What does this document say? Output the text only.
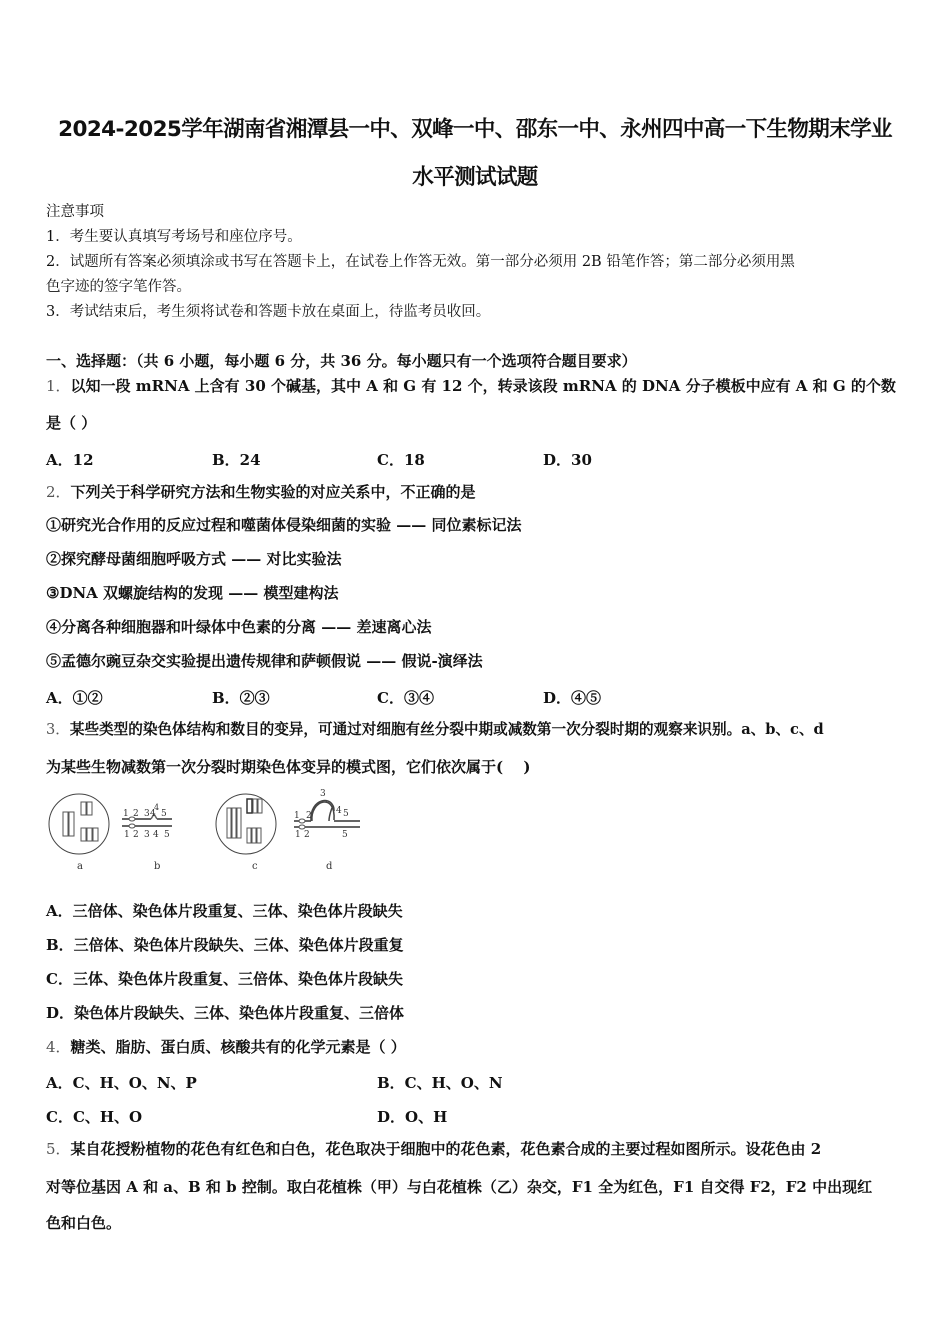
2024-2025学年湖南省湘潭县一中、双峰一中、邵东一中、永州四中高一下生物期末学业
水平测试试题
注意事项
1．考生要认真填写考场号和座位序号。
2．试题所有答案必须填涂或书写在答题卡上，在试卷上作答无效。第一部分必须用 2B 铅笔作答；第二部分必须用黑
色字迹的签字笔作答。
3．考试结束后，考生须将试卷和答题卡放在桌面上，待监考员收回。
一、选择题：（共 6 小题，每小题 6 分，共 36 分。每小题只有一个选项符合题目要求）
1．以知一段 mRNA 上含有 30 个碱基，其中 A 和 G 有 12 个，转录该段 mRNA 的 DNA 分子模板中应有 A 和 G 的个数
是（ ）
A．12	B．24	C．18	D．30
2．下列关于科学研究方法和生物实验的对应关系中，不正确的是
①研究光合作用的反应过程和噬菌体侵染细菌的实验 —— 同位素标记法
②探究酵母菌细胞呼吸方式 —— 对比实验法
③DNA 双螺旋结构的发现 —— 模型建构法
④分离各种细胞器和叶绿体中色素的分离 —— 差速离心法
⑤孟德尔豌豆杂交实验提出遗传规律和萨顿假说 —— 假说-演绎法
A．①②	B．②③	C．③④	D．④⑤
3．某些类型的染色体结构和数目的变异，可通过对细胞有丝分裂中期或减数第一次分裂时期的观察来识别。a、b、c、d
为某些生物减数第一次分裂时期染色体变异的模式图，它们依次属于(　 )
1 2 3 4
4
5
1 2 3 4 5
1 2
3
4 5
1 2	5
a	b	c	d
A．三倍体、染色体片段重复、三体、染色体片段缺失
B．三倍体、染色体片段缺失、三体、染色体片段重复
C．三体、染色体片段重复、三倍体、染色体片段缺失
D．染色体片段缺失、三体、染色体片段重复、三倍体
4．糖类、脂肪、蛋白质、核酸共有的化学元素是（ ）
A．C、H、O、N、P	B．C、H、O、N
C．C、H、O	D．O、H
5．某自花授粉植物的花色有红色和白色，花色取决于细胞中的花色素，花色素合成的主要过程如图所示。设花色由 2
对等位基因 A 和 a、B 和 b 控制。取白花植株（甲）与白花植株（乙）杂交，F1 全为红色，F1 自交得 F2，F2 中出现红
色和白色。
